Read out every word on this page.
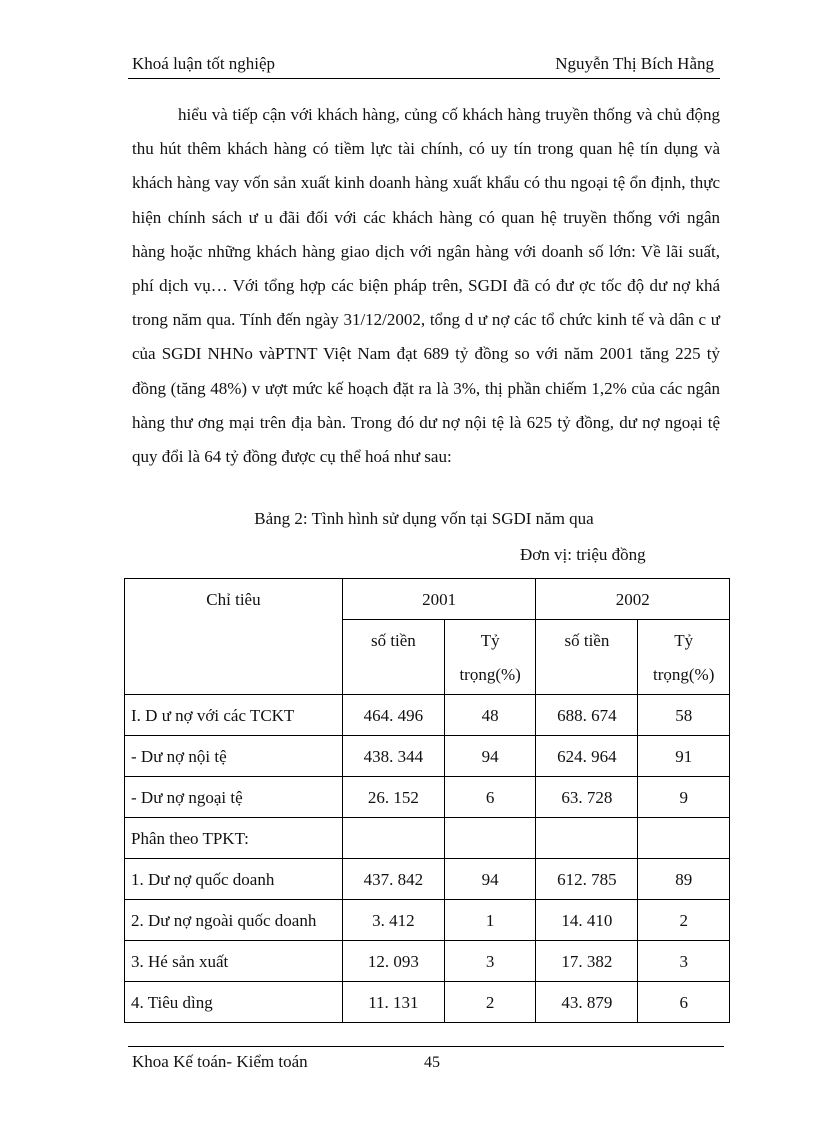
Khoá luận tốt nghiệp	Nguyễn Thị Bích Hằng

hiểu và tiếp cận với khách hàng, củng cố khách hàng truyền thống và chủ động thu hút thêm khách hàng có tiềm lực tài chính, có uy tín trong quan hệ tín dụng và khách hàng vay vốn sản xuất kinh doanh hàng xuất khẩu có thu ngoại tệ ổn định, thực hiện chính sách ư u đãi đối với các khách hàng có quan hệ truyền thống với ngân hàng hoặc những khách hàng giao dịch với ngân hàng với doanh số lớn: Về lãi suất, phí dịch vụ… Với tổng hợp các biện pháp trên, SGDI đã có đư ợc tốc độ dư nợ khá trong năm qua. Tính đến ngày 31/12/2002, tổng d ư nợ các tổ chức kinh tế và dân c ư của SGDI NHNo vàPTNT Việt Nam đạt 689 tỷ đồng so với năm 2001 tăng 225 tỷ đồng (tăng 48%) v ượt mức kế hoạch đặt ra là 3%, thị phần chiếm 1,2% của các ngân hàng thư ơng mại trên địa bàn. Trong đó dư nợ nội tệ là 625 tỷ đồng, dư nợ ngoại tệ quy đổi là 64 tỷ đồng được cụ thể hoá như sau:

Bảng 2: Tình hình sử dụng vốn tại SGDI năm qua
Đơn vị: triệu đồng
Chỉ tiêu	2001		2002	
	số tiền	Tỷ trọng(%)	số tiền	Tỷ trọng(%)
I. D ư nợ với các TCKT	464. 496	48	688. 674	58
- Dư nợ nội tệ	438. 344	94	624. 964	91
- Dư nợ ngoại tệ	26. 152	6	63. 728	9
Phân theo TPKT:				
1. Dư nợ quốc doanh	437. 842	94	612. 785	89
2. Dư nợ ngoài quốc doanh	3. 412	1	14. 410	2
3. Hé sản xuất	12. 093	3	17. 382	3
4. Tiêu dìng	11. 131	2	43. 879	6
Khoa Kế toán- Kiểm toán	45
